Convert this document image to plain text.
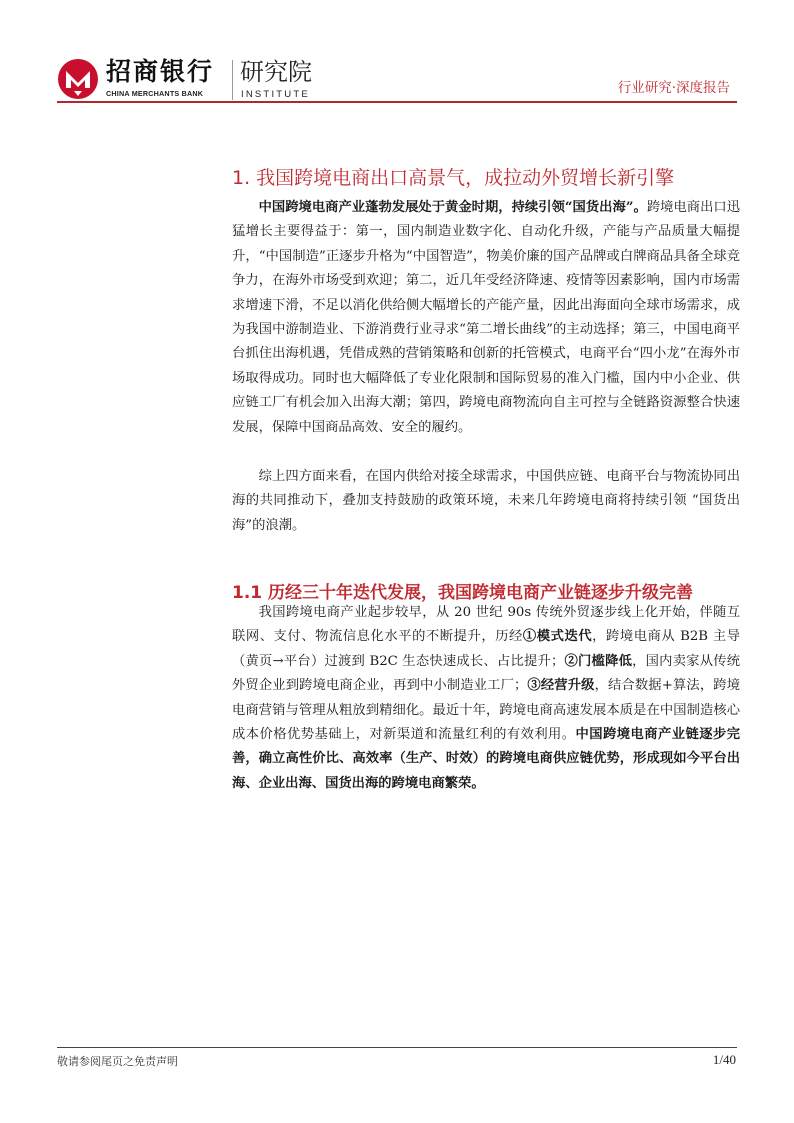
招商银行
CHINA MERCHANTS BANK
研究院
INSTITUTE	行业研究·深度报告
1. 我国跨境电商出口高景气，成拉动外贸增长新引擎

中国跨境电商产业蓬勃发展处于黄金时期，持续引领“国货出海”。跨境电商出口迅猛增长主要得益于：第一，国内制造业数字化、自动化升级，产能与产品质量大幅提升，“中国制造”正逐步升格为“中国智造”，物美价廉的国产品牌或白牌商品具备全球竞争力，在海外市场受到欢迎；第二，近几年受经济降速、疫情等因素影响，国内市场需求增速下滑，不足以消化供给侧大幅增长的产能产量，因此出海面向全球市场需求，成为我国中游制造业、下游消费行业寻求“第二增长曲线”的主动选择；第三，中国电商平台抓住出海机遇，凭借成熟的营销策略和创新的托管模式，电商平台“四小龙”在海外市场取得成功。同时也大幅降低了专业化限制和国际贸易的准入门槛，国内中小企业、供应链工厂有机会加入出海大潮；第四，跨境电商物流向自主可控与全链路资源整合快速发展，保障中国商品高效、安全的履约。

综上四方面来看，在国内供给对接全球需求，中国供应链、电商平台与物流协同出海的共同推动下，叠加支持鼓励的政策环境，未来几年跨境电商将持续引领 “国货出海”的浪潮。

1.1 历经三十年迭代发展，我国跨境电商产业链逐步升级完善

我国跨境电商产业起步较早，从 20 世纪 90s 传统外贸逐步线上化开始，伴随互联网、支付、物流信息化水平的不断提升，历经①模式迭代，跨境电商从 B2B 主导（黄页→平台）过渡到 B2C 生态快速成长、占比提升；②门槛降低，国内卖家从传统外贸企业到跨境电商企业，再到中小制造业工厂；③经营升级，结合数据+算法，跨境电商营销与管理从粗放到精细化。最近十年，跨境电商高速发展本质是在中国制造核心成本价格优势基础上，对新渠道和流量红利的有效利用。中国跨境电商产业链逐步完善，确立高性价比、高效率（生产、时效）的跨境电商供应链优势，形成现如今平台出海、企业出海、国货出海的跨境电商繁荣。

敬请参阅尾页之免责声明	1/40
